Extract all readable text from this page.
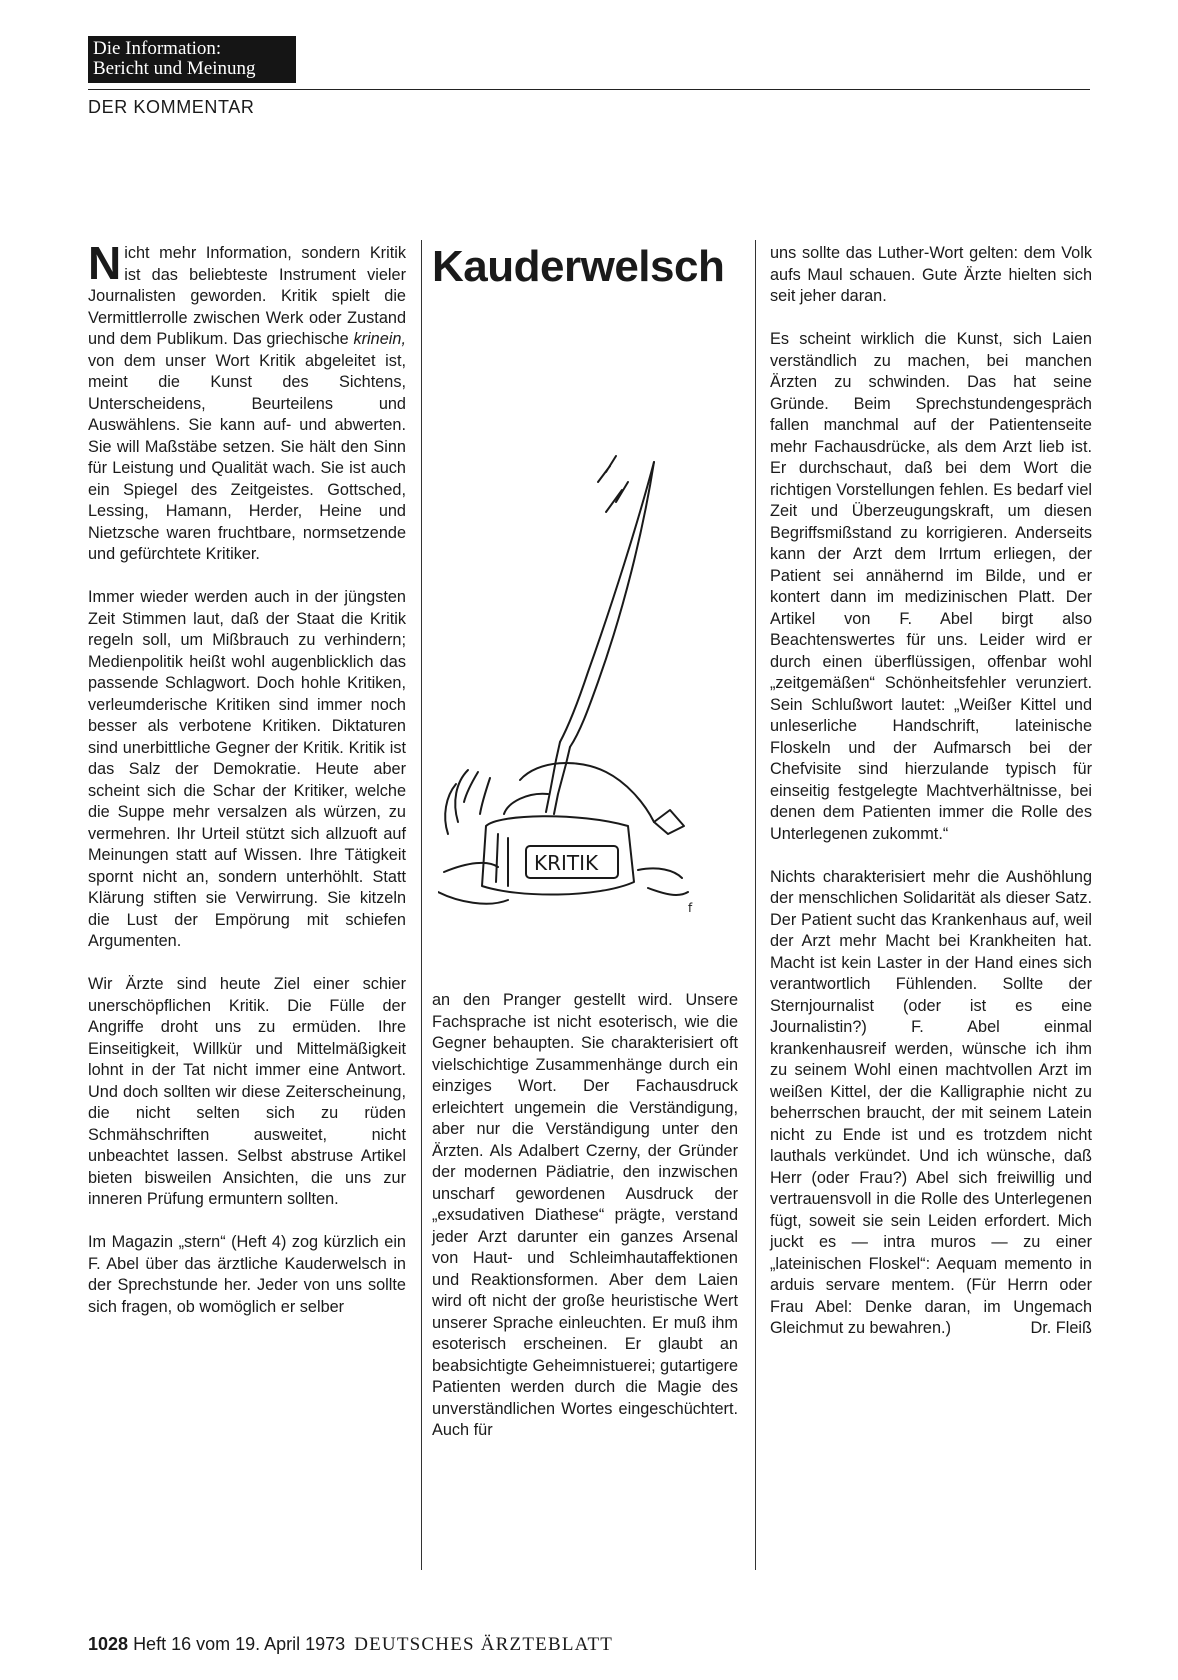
Die Information:
Bericht und Meinung
DER KOMMENTAR

Nicht mehr Information, sondern Kritik ist das beliebteste Instrument vieler Journalisten geworden. Kritik spielt die Vermittlerrolle zwischen Werk oder Zustand und dem Publikum. Das griechische krinein, von dem unser Wort Kritik abgeleitet ist, meint die Kunst des Sichtens, Unterscheidens, Beurteilens und Auswählens. Sie kann auf- und abwerten. Sie will Maßstäbe setzen. Sie hält den Sinn für Leistung und Qualität wach. Sie ist auch ein Spiegel des Zeitgeistes. Gottsched, Lessing, Hamann, Herder, Heine und Nietzsche waren fruchtbare, normsetzende und gefürchtete Kritiker.

Immer wieder werden auch in der jüngsten Zeit Stimmen laut, daß der Staat die Kritik regeln soll, um Mißbrauch zu verhindern; Medienpolitik heißt wohl augenblicklich das passende Schlagwort. Doch hohle Kritiken, verleumderische Kritiken sind immer noch besser als verbotene Kritiken. Diktaturen sind unerbittliche Gegner der Kritik. Kritik ist das Salz der Demokratie. Heute aber scheint sich die Schar der Kritiker, welche die Suppe mehr versalzen als würzen, zu vermehren. Ihr Urteil stützt sich allzuoft auf Meinungen statt auf Wissen. Ihre Tätigkeit spornt nicht an, sondern unterhöhlt. Statt Klärung stiften sie Verwirrung. Sie kitzeln die Lust der Empörung mit schiefen Argumenten.

Wir Ärzte sind heute Ziel einer schier unerschöpflichen Kritik. Die Fülle der Angriffe droht uns zu ermüden. Ihre Einseitigkeit, Willkür und Mittelmäßigkeit lohnt in der Tat nicht immer eine Antwort. Und doch sollten wir diese Zeiterscheinung, die nicht selten sich zu rüden Schmähschriften ausweitet, nicht unbeachtet lassen. Selbst abstruse Artikel bieten bisweilen Ansichten, die uns zur inneren Prüfung ermuntern sollten.

Im Magazin „stern“ (Heft 4) zog kürzlich ein F. Abel über das ärztliche Kauderwelsch in der Sprechstunde her. Jeder von uns sollte sich fragen, ob womöglich er selber

Kauderwelsch
KRITIK
f

an den Pranger gestellt wird. Unsere Fachsprache ist nicht esoterisch, wie die Gegner behaupten. Sie charakterisiert oft vielschichtige Zusammenhänge durch ein einziges Wort. Der Fachausdruck erleichtert ungemein die Verständigung, aber nur die Verständigung unter den Ärzten. Als Adalbert Czerny, der Gründer der modernen Pädiatrie, den inzwischen unscharf gewordenen Ausdruck der „exsudativen Diathese“ prägte, verstand jeder Arzt darunter ein ganzes Arsenal von Haut- und Schleimhautaffektionen und Reaktionsformen. Aber dem Laien wird oft nicht der große heuristische Wert unserer Sprache einleuchten. Er muß ihm esoterisch erscheinen. Er glaubt an beabsichtigte Geheimnistuerei; gutartigere Patienten werden durch die Magie des unverständlichen Wortes eingeschüchtert. Auch für

uns sollte das Luther-Wort gelten: dem Volk aufs Maul schauen. Gute Ärzte hielten sich seit jeher daran.

Es scheint wirklich die Kunst, sich Laien verständlich zu machen, bei manchen Ärzten zu schwinden. Das hat seine Gründe. Beim Sprechstundengespräch fallen manchmal auf der Patientenseite mehr Fachausdrücke, als dem Arzt lieb ist. Er durchschaut, daß bei dem Wort die richtigen Vorstellungen fehlen. Es bedarf viel Zeit und Überzeugungskraft, um diesen Begriffsmißstand zu korrigieren. Anderseits kann der Arzt dem Irrtum erliegen, der Patient sei annähernd im Bilde, und er kontert dann im medizinischen Platt. Der Artikel von F. Abel birgt also Beachtenswertes für uns. Leider wird er durch einen überflüssigen, offenbar wohl „zeitgemäßen“ Schönheitsfehler verunziert. Sein Schlußwort lautet: „Weißer Kittel und unleserliche Handschrift, lateinische Floskeln und der Aufmarsch bei der Chefvisite sind hierzulande typisch für einseitig festgelegte Machtverhältnisse, bei denen dem Patienten immer die Rolle des Unterlegenen zukommt.“

Nichts charakterisiert mehr die Aushöhlung der menschlichen Solidarität als dieser Satz. Der Patient sucht das Krankenhaus auf, weil der Arzt mehr Macht bei Krankheiten hat. Macht ist kein Laster in der Hand eines sich verantwortlich Fühlenden. Sollte der Sternjournalist (oder ist es eine Journalistin?) F. Abel einmal krankenhausreif werden, wünsche ich ihm zu seinem Wohl einen machtvollen Arzt im weißen Kittel, der die Kalligraphie nicht zu beherrschen braucht, der mit seinem Latein nicht zu Ende ist und es trotzdem nicht lauthals verkündet. Und ich wünsche, daß Herr (oder Frau?) Abel sich freiwillig und vertrauensvoll in die Rolle des Unterlegenen fügt, soweit sie sein Leiden erfordert. Mich juckt es — intra muros — zu einer „lateinischen Floskel“: Aequam memento in arduis servare mentem. (Für Herrn oder Frau Abel: Denke daran, im Ungemach Gleichmut zu bewahren.)	Dr. Fleiß

1028 Heft 16 vom 19. April 1973 DEUTSCHES ÄRZTEBLATT
